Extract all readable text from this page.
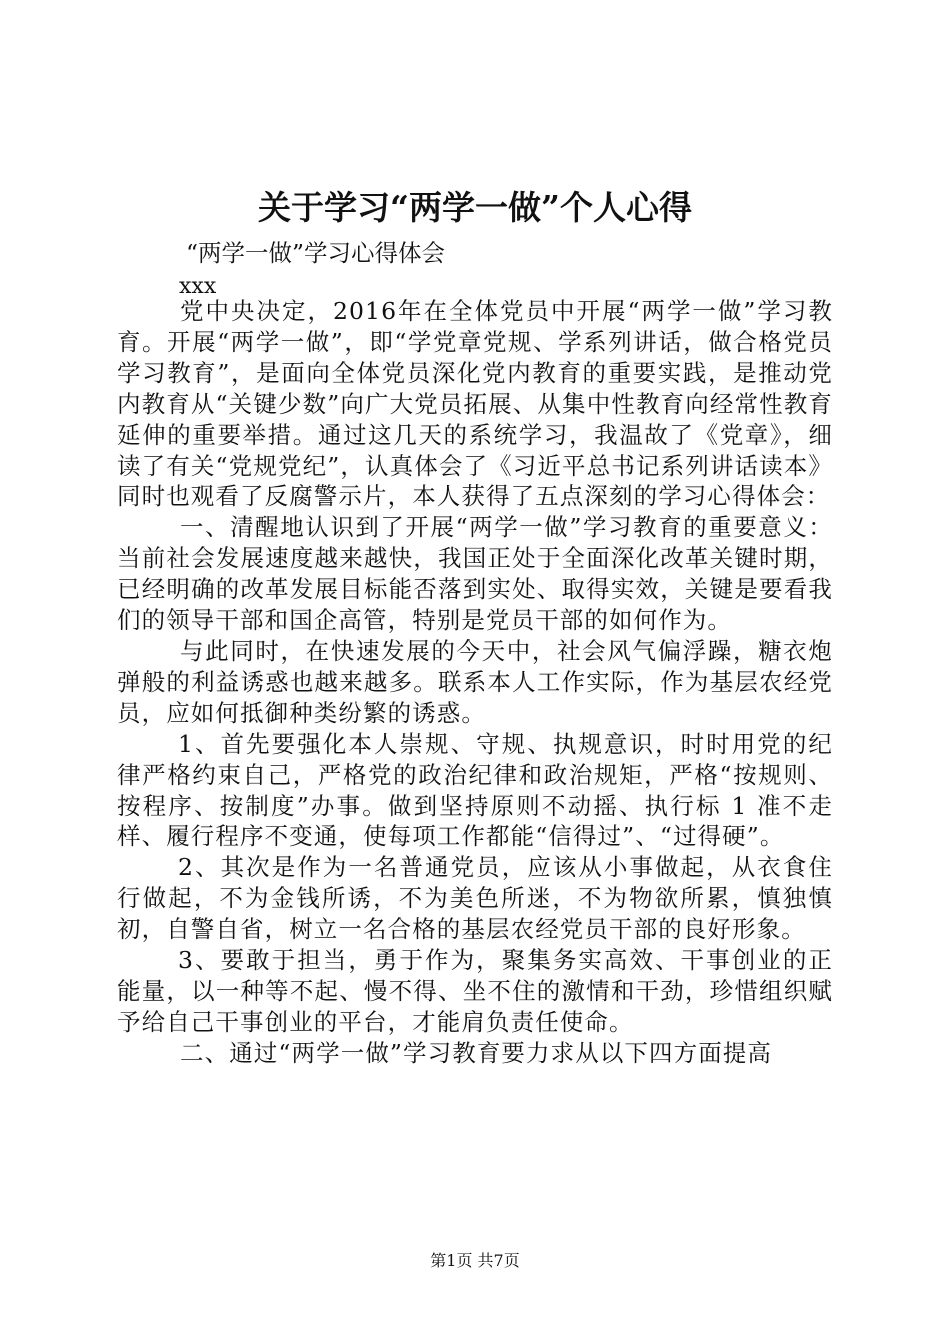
关于学习“两学一做”个人心得

“两学一做”学习心得体会

xxx

党中央决定，2016年在全体党员中开展“两学一做”学习教育。开展“两学一做”，即“学党章党规、学系列讲话，做合格党员学习教育”，是面向全体党员深化党内教育的重要实践，是推动党内教育从“关键少数”向广大党员拓展、从集中性教育向经常性教育延伸的重要举措。通过这几天的系统学习，我温故了《党章》，细读了有关“党规党纪”，认真体会了《习近平总书记系列讲话读本》同时也观看了反腐警示片，本人获得了五点深刻的学习心得体会：

一、清醒地认识到了开展“两学一做”学习教育的重要意义：当前社会发展速度越来越快，我国正处于全面深化改革关键时期，已经明确的改革发展目标能否落到实处、取得实效，关键是要看我们的领导干部和国企高管，特别是党员干部的如何作为。

与此同时，在快速发展的今天中，社会风气偏浮躁，糖衣炮弹般的利益诱惑也越来越多。联系本人工作实际，作为基层农经党员，应如何抵御种类纷繁的诱惑。

1、首先要强化本人崇规、守规、执规意识，时时用党的纪律严格约束自己，严格党的政治纪律和政治规矩，严格“按规则、按程序、按制度”办事。做到坚持原则不动摇、执行标 1 准不走样、履行程序不变通，使每项工作都能“信得过”、“过得硬”。

2、其次是作为一名普通党员，应该从小事做起，从衣食住行做起，不为金钱所诱，不为美色所迷，不为物欲所累，慎独慎初，自警自省，树立一名合格的基层农经党员干部的良好形象。

3、要敢于担当，勇于作为，聚集务实高效、干事创业的正能量，以一种等不起、慢不得、坐不住的激情和干劲，珍惜组织赋予给自己干事创业的平台，才能肩负责任使命。

二、通过“两学一做”学习教育要力求从以下四方面提高

第1页 共7页
